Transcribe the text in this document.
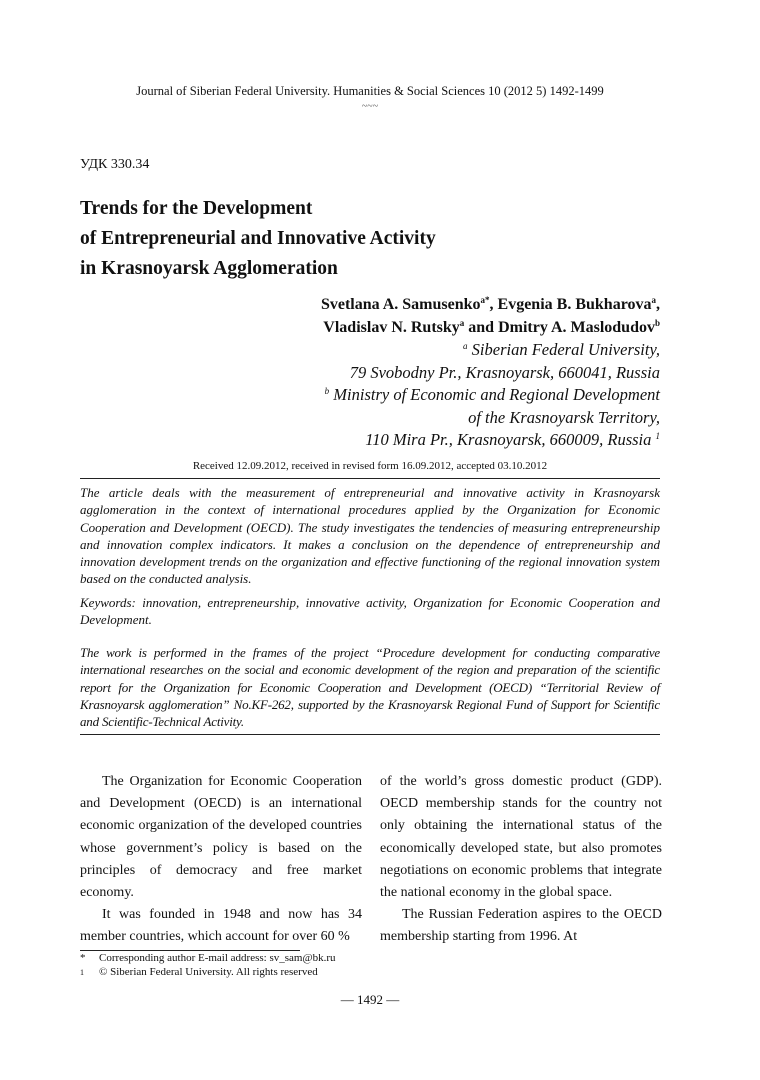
Journal of Siberian Federal University. Humanities & Social Sciences 10 (2012 5) 1492-1499
~~~
УДК 330.34
Trends for the Development
of Entrepreneurial and Innovative Activity
in Krasnoyarsk Agglomeration
Svetlana A. Samusenko$^{a*}$, Evgenia B. Bukharova$^a$,
Vladislav N. Rutsky$^a$ and Dmitry A. Maslodudov$^b$
$^a$ Siberian Federal University,
79 Svobodny Pr., Krasnoyarsk, 660041, Russia
$^b$ Ministry of Economic and Regional Development
of the Krasnoyarsk Territory,
110 Mira Pr., Krasnoyarsk, 660009, Russia $^1$
Received 12.09.2012, received in revised form 16.09.2012, accepted 03.10.2012
The article deals with the measurement of entrepreneurial and innovative activity in Krasnoyarsk agglomeration in the context of international procedures applied by the Organization for Economic Cooperation and Development (OECD). The study investigates the tendencies of measuring entrepreneurship and innovation complex indicators. It makes a conclusion on the dependence of entrepreneurship and innovation development trends on the organization and effective functioning of the regional innovation system based on the conducted analysis.
Keywords: innovation, entrepreneurship, innovative activity, Organization for Economic Cooperation and Development.
The work is performed in the frames of the project “Procedure development for conducting comparative international researches on the social and economic development of the region and preparation of the scientific report for the Organization for Economic Cooperation and Development (OECD) “Territorial Review of Krasnoyarsk agglomeration” No.KF-262, supported by the Krasnoyarsk Regional Fund of Support for Scientific and Scientific-Technical Activity.

The Organization for Economic Cooperation and Development (OECD) is an international economic organization of the developed countries whose government’s policy is based on the principles of democracy and free market economy.

It was founded in 1948 and now has 34 member countries, which account for over 60 %

of the world’s gross domestic product (GDP). OECD membership stands for the country not only obtaining the international status of the economically developed state, but also promotes negotiations on economic problems that integrate the national economy in the global space.

The Russian Federation aspires to the OECD membership starting from 1996. At

* Corresponding author E-mail address: sv_sam@bk.ru
1 © Siberian Federal University. All rights reserved
— 1492 —
